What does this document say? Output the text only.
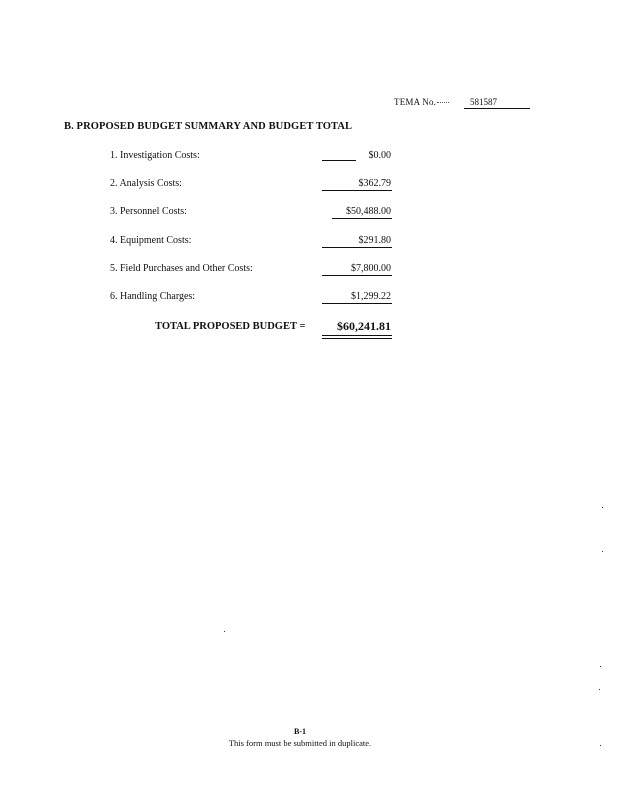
TEMA No.	581587
B. PROPOSED BUDGET SUMMARY AND BUDGET TOTAL
1. Investigation Costs:	$0.00
2. Analysis Costs:	$362.79
3. Personnel Costs:	$50,488.00
4. Equipment Costs:	$291.80
5. Field Purchases and Other Costs:	$7,800.00
6. Handling Charges:	$1,299.22
TOTAL PROPOSED BUDGET =	$60,241.81
B-1
This form must be submitted in duplicate.
